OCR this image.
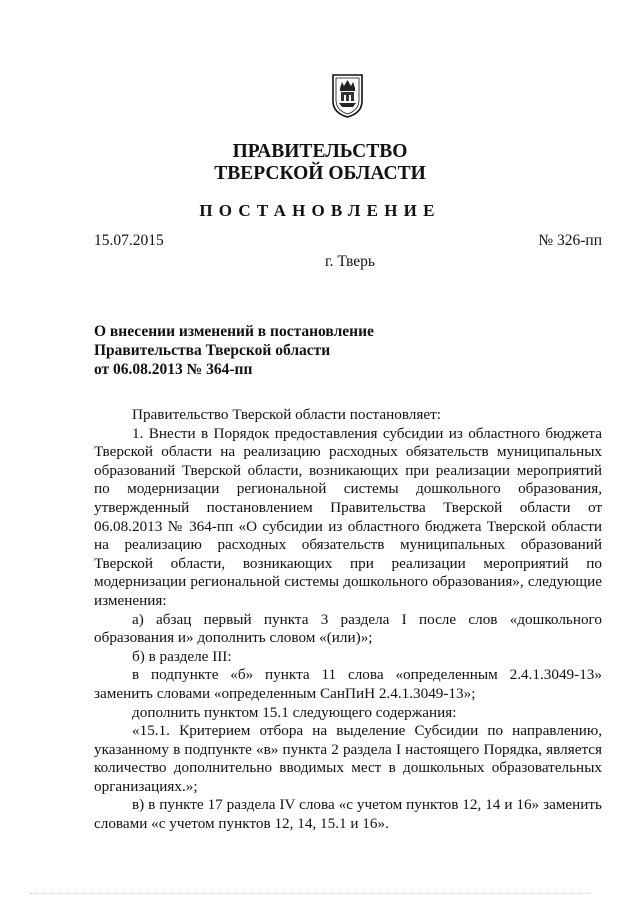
ПРАВИТЕЛЬСТВО
ТВЕРСКОЙ ОБЛАСТИ
ПОСТАНОВЛЕНИЕ
15.07.2015	№ 326-пп
г. Тверь
О внесении изменений в постановление
Правительства Тверской области
от 06.08.2013 № 364-пп

Правительство Тверской области постановляет:

1. Внести в Порядок предоставления субсидии из областного бюджета Тверской области на реализацию расходных обязательств муниципальных образований Тверской области, возникающих при реализации мероприятий по модернизации региональной системы дошкольного образования, утвержденный постановлением Правительства Тверской области от 06.08.2013 № 364-пп «О субсидии из областного бюджета Тверской области на реализацию расходных обязательств муниципальных образований Тверской области, возникающих при реализации мероприятий по модернизации региональной системы дошкольного образования», следующие изменения:

а) абзац первый пункта 3 раздела I после слов «дошкольного образования и» дополнить словом «(или)»;

б) в разделе III:

в подпункте «б» пункта 11 слова «определенным 2.4.1.3049-13» заменить словами «определенным СанПиН 2.4.1.3049-13»;

дополнить пунктом 15.1 следующего содержания:

«15.1. Критерием отбора на выделение Субсидии по направлению, указанному в подпункте «в» пункта 2 раздела I настоящего Порядка, является количество дополнительно вводимых мест в дошкольных образовательных организациях.»;

в) в пункте 17 раздела IV слова «с учетом пунктов 12, 14 и 16» заменить словами «с учетом пунктов 12, 14, 15.1 и 16».
